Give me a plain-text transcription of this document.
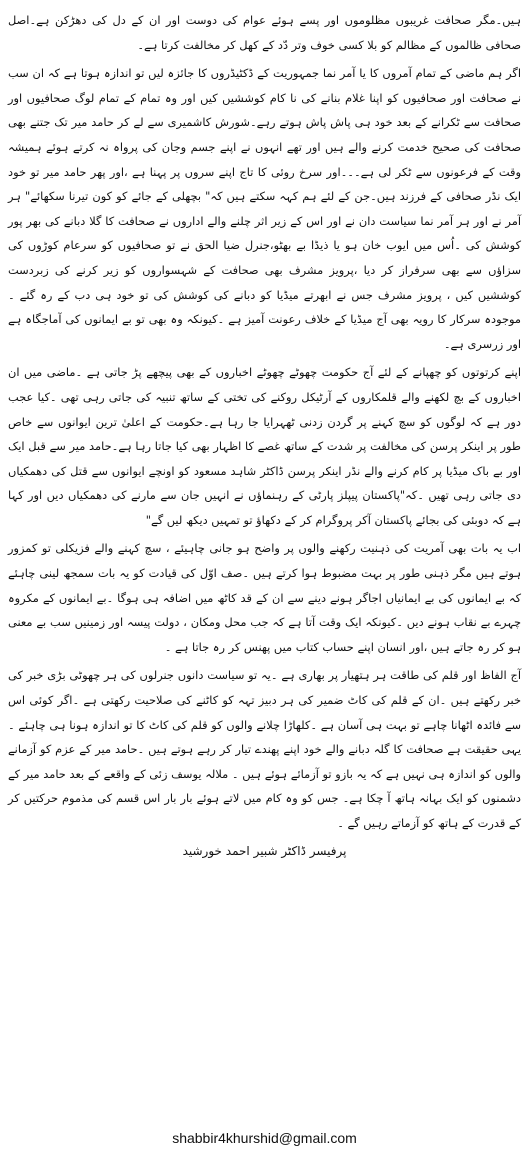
ہیں۔مگر صحافت غریبوں مظلوموں اور پسے ہوئے عوام کی دوست اور ان کے دل کی دھڑکن ہے۔اصل صحافی ظالموں کے مظالم کو بلا کسی خوف وتر دّد کے کھل کر مخالفت کرتا ہے۔

اگر ہم ماضی کے تمام آمروں کا یا آمر نما جمہوریت کے ڈکٹیڈروں کا جائزہ لیں تو اندازہ ہوتا ہے کہ ان سب نے صحافت اور صحافیوں کو اپنا غلام بنانے کی نا کام کوششیں کیں اور وہ تمام کے تمام لوگ صحافیوں اور صحافت سے ٹکرانے کے بعد خود ہی پاش پاش ہوتے رہے۔شورش کاشمیری سے لے کر حامد میر تک جتنے بھی صحافت کی صحیح خدمت کرنے والے ہیں اور تھے انہوں نے اپنے جسم وجان کی پرواہ نہ کرتے ہوئے ہمیشہ وقت کے فرعونوں سے ٹکر لی ہے۔۔۔اور سرخ روئی کا تاج اپنے سروں پر پہنا ہے ،اور پھر حامد میر تو خود ایک نڈر صحافی کے فرزند ہیں۔جن کے لئے ہم کہہ سکتے ہیں کہ" بچھلی کے جائے کو کون تیرنا سکھائے" ہر آمر نے اور ہر آمر نما سیاست دان نے اور اس کے زیر اثر چلنے والے اداروں نے صحافت کا گلا دبانے کی بھر پور کوشش کی ۔اُس میں ایوب خان ہو یا ذیڈا بے بھٹو،جنرل ضیا الحق نے تو صحافیوں کو سرعام کوڑوں کی سزاؤں سے بھی سرفراز کر دیا ،پرویز مشرف بھی صحافت کے شہسواروں کو زیر کرنے کی زبردست کوششیں کیں ، پرویز مشرف جس نے ابھرتے میڈیا کو دبانے کی کوشش کی تو خود ہی دب کے رہ گئے ۔موجودہ سرکار کا رویہ بھی آج میڈیا کے خلاف رعونت آمیز ہے ۔کیونکہ وہ بھی تو بے ایمانوں کی آماجگاہ ہے اور زرسری ہے۔

اپنے کرتوتوں کو چھپانے کے لئے آج حکومت چھوٹے چھوٹے اخباروں کے بھی پیچھے پڑ جاتی ہے ۔ماضی میں ان اخباروں کے بچ لکھنے والے قلمکاروں کے آرٹیکل روکنے کی تختی کے ساتھ تنبیہ کی جاتی رہی تھی ۔کیا عجب دور ہے کہ لوگوں کو سچ کہنے پر گردن زدنی ٹھہرایا جا رہا ہے۔حکومت کے اعلیٰ ترین ایوانوں سے خاص طور پر اینکر پرسن کی مخالفت پر شدت کے ساتھ غصے کا اظہار بھی کیا جاتا رہا ہے۔حامد میر سے قبل ایک اور بے باک میڈیا پر کام کرنے والے نڈر اینکر پرسن ڈاکٹر شاہد مسعود کو اونچے ایوانوں سے قتل کی دھمکیاں دی جاتی رہی تھیں ۔کہ"پاکستان پیپلز پارٹی کے رہنماؤں نے انہیں جان سے مارنے کی دھمکیاں دیں اور کہا ہے کہ دوبئی کی بجائے پاکستان آکر پروگرام کر کے دکھاؤ تو تمہیں دیکھ لیں گے"

اب یہ بات بھی آمریت کی ذہنیت رکھنے والوں پر واضح ہو جانی چاہیئے ، سچ کہنے والے فزیکلی تو کمزور ہوتے ہیں مگر ذہنی طور پر بہت مضبوط ہوا کرتے ہیں ۔صف اوّل کی قیادت کو یہ بات سمجھ لینی چاہئے کہ بے ایمانوں کی بے ایمانیاں اجاگر ہونے دینے سے ان کے قد کاٹھ میں اضافہ ہی ہوگا ۔بے ایمانوں کے مکروہ چہرے بے نقاب ہونے دیں ۔کیونکہ ایک وقت آتا ہے کہ جب محل ومکان ، دولت پیسہ اور زمینیں سب بے معنی ہو کر رہ جاتے ہیں ،اور انسان اپنے حساب کتاب میں پھنس کر رہ جاتا ہے ۔

آج الفاظ اور قلم کی طاقت ہر ہتھیار پر بھاری ہے ۔یہ تو سیاست دانوں جنرلوں کی ہر چھوٹی بڑی خبر کی خبر رکھتے ہیں ۔ان کے قلم کی کاٹ ضمیر کی ہر دبیز تہہ کو کاٹنے کی صلاحیت رکھتی ہے ۔اگر کوئی اس سے فائدہ اٹھانا چاہے تو بہت ہی آسان ہے ۔کلھاڑا چلانے والوں کو قلم کی کاٹ کا تو اندازہ ہونا ہی چاہئے ۔ یہی حقیقت ہے صحافت کا گلہ دبانے والے خود اپنے پھندے تیار کر رہے ہوتے ہیں ۔حامد میر کے عزم کو آزمانے والوں کو اندازہ ہی نہیں ہے کہ یہ بازو تو آزمائے ہوئے ہیں ۔ ملالہ یوسف زئی کے واقعے کے بعد حامد میر کے دشمنوں کو ایک بہانہ ہاتھ آ چکا ہے۔ جس کو وہ کام میں لاتے ہوئے بار بار اس قسم کی مذموم حرکتیں کر کے قدرت کے ہاتھ کو آزماتے رہیں گے ۔

پرفیسر ڈاکٹر شبیر احمد خورشید
shabbir4khurshid@gmail.com
